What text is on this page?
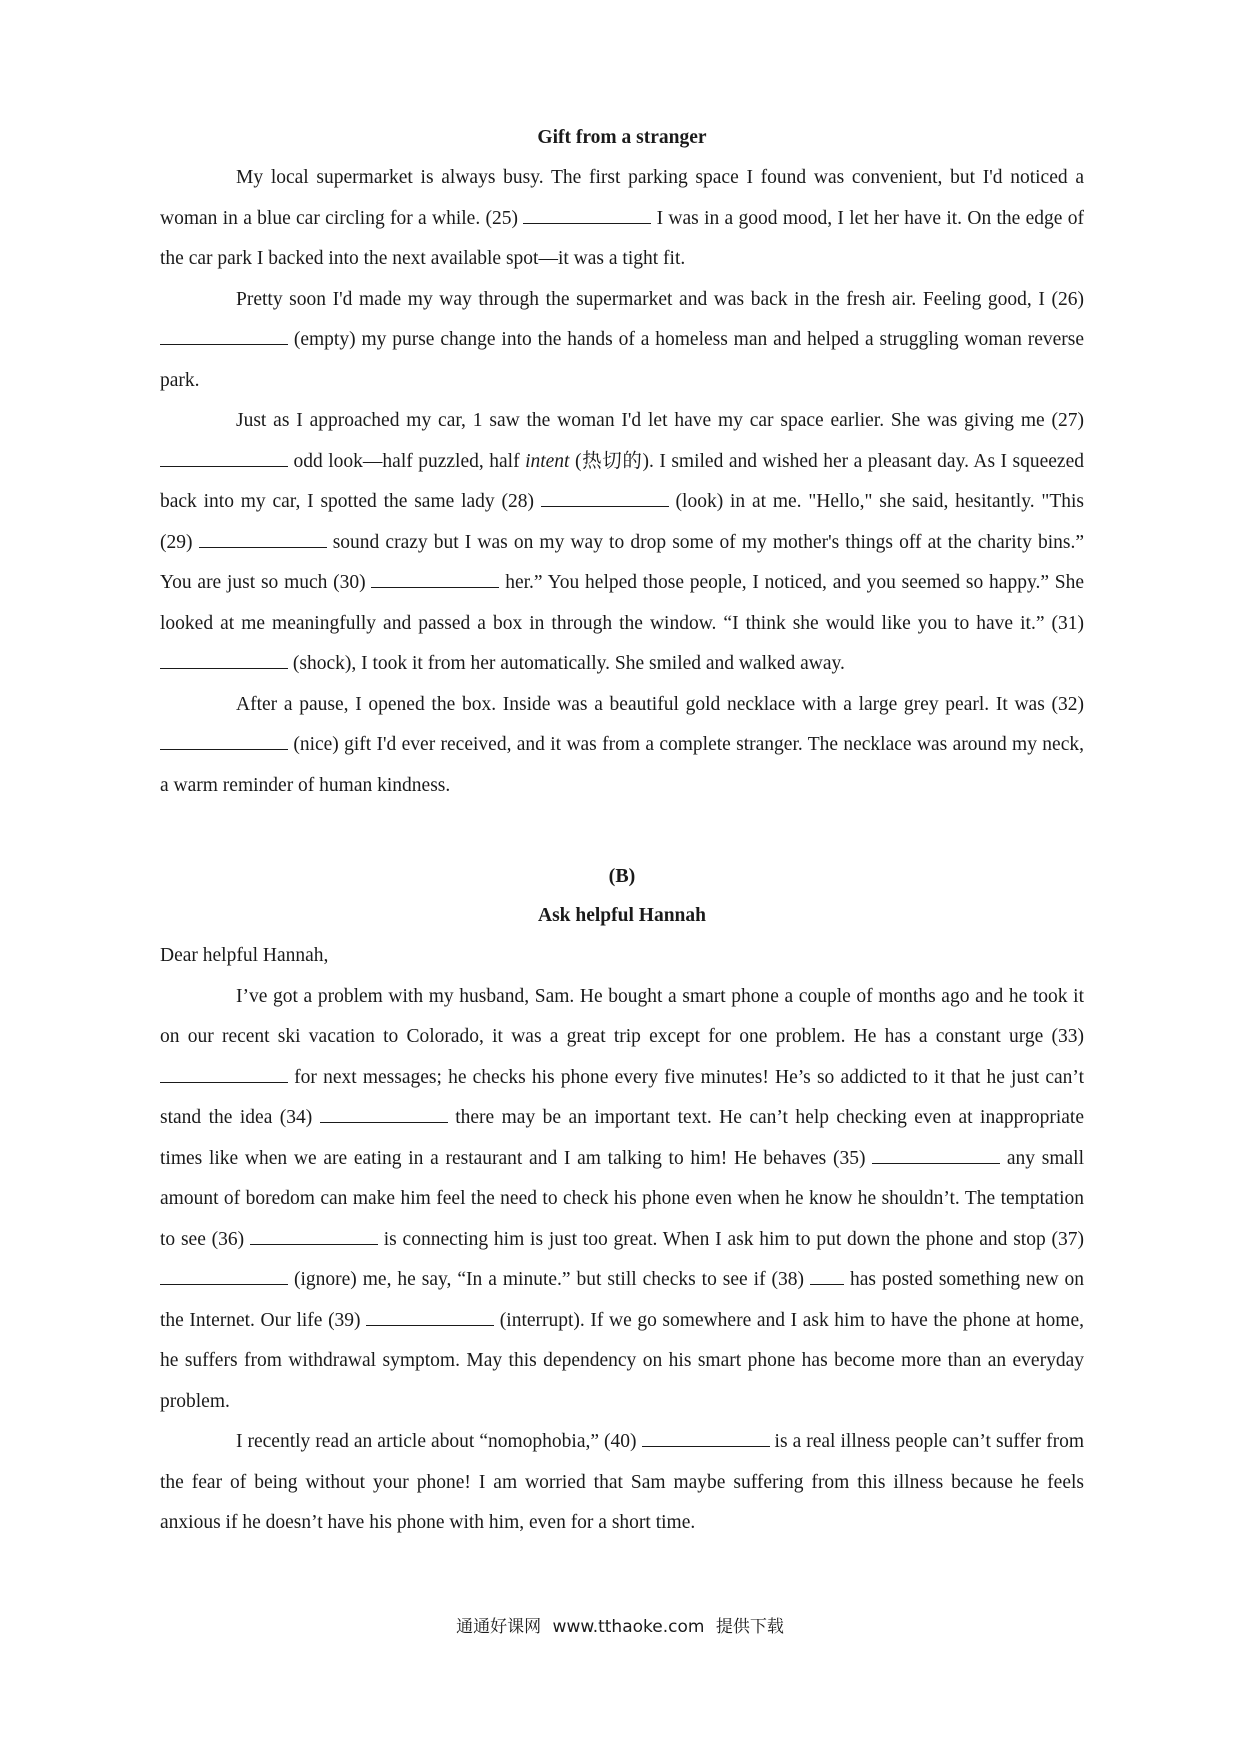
Gift from a stranger

My local supermarket is always busy. The first parking space I found was convenient, but I'd noticed a woman in a blue car circling for a while. (25)	I was in a good mood, I let her have it. On the edge of the car park I backed into the next available spot—it was a tight fit.

Pretty soon I'd made my way through the supermarket and was back in the fresh air. Feeling good, I (26)  (empty) my purse change into the hands of a homeless man and helped a struggling woman reverse park.

Just as I approached my car, 1 saw the woman I'd let have my car space earlier. She was giving me (27)  odd look—half puzzled, half intent (热切的). I smiled and wished her a pleasant day. As I squeezed back into my car, I spotted the same lady (28)	(look) in at me. "Hello," she said, hesitantly. "This (29)	sound crazy but I was on my way to drop some of my mother's things off at the charity bins.” You are just so much (30)	her.” You helped those people, I noticed, and you seemed so happy.” She looked at me meaningfully and passed a box in through the window. “I think she would like you to have it.” (31)  (shock), I took it from her automatically. She smiled and walked away.

After a pause, I opened the box. Inside was a beautiful gold necklace with a large grey pearl. It was (32)  (nice) gift I'd ever received, and it was from a complete stranger. The necklace was around my neck, a warm reminder of human kindness.

(B)
Ask helpful Hannah

Dear helpful Hannah,

I’ve got a problem with my husband, Sam. He bought a smart phone a couple of months ago and he took it on our recent ski vacation to Colorado, it was a great trip except for one problem. He has a constant urge (33)  for next messages; he checks his phone every five minutes! He’s so addicted to it that he just can’t stand the idea (34)	there may be an important text. He can’t help checking even at inappropriate times like when we are eating in a restaurant and I am talking to him! He behaves (35)	any small amount of boredom can make him feel the need to check his phone even when he know he shouldn’t. The temptation to see (36)	is connecting him is just too great. When I ask him to put down the phone and stop (37) (ignore) me, he say, “In a minute.” but still checks to see if (38)  has posted something new on the Internet. Our life (39)	(interrupt). If we go somewhere and I ask him to have the phone at home, he suffers from withdrawal symptom. May this dependency on his smart phone has become more than an everyday problem.

I recently read an article about “nomophobia,” (40)	is a real illness people can’t suffer from the fear of being without your phone! I am worried that Sam maybe suffering from this illness because he feels anxious if he doesn’t have his phone with him, even for a short time.

通通好课网 www.tthaoke.com 提供下载
